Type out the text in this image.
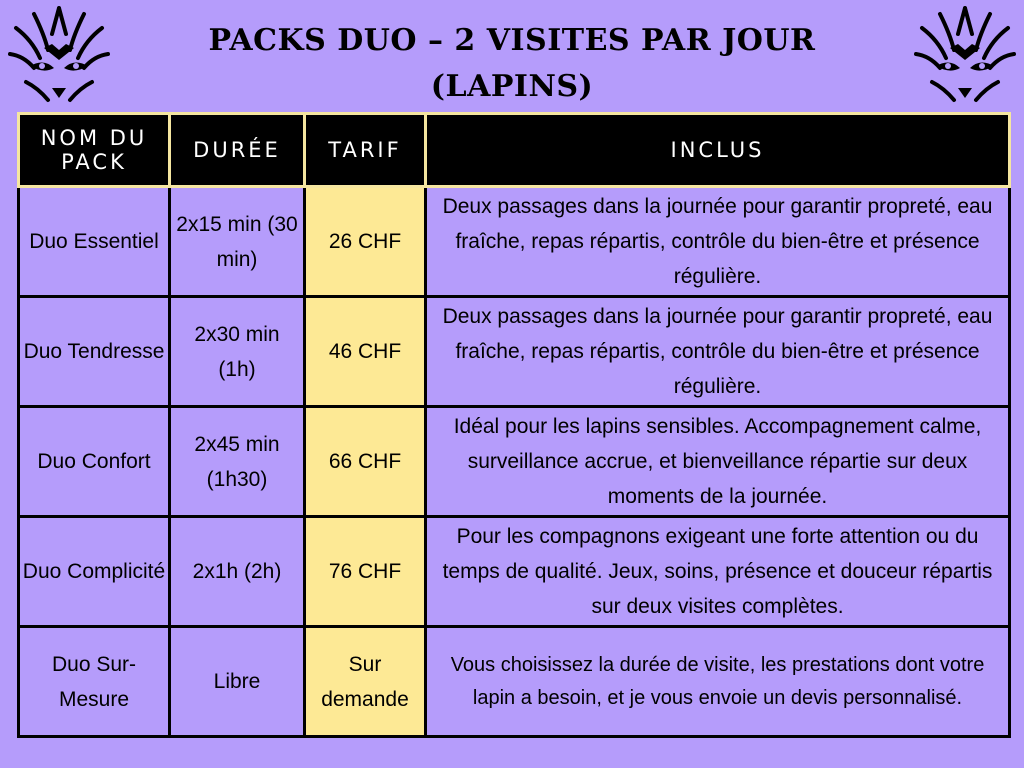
PACKS DUO – 2 VISITES PAR JOUR
(LAPINS)
NOM DU PACK	DURÉE	TARIF	INCLUS
Duo Essentiel	2x15 min (30 min)	26 CHF	Deux passages dans la journée pour garantir propreté, eau fraîche, repas répartis, contrôle du bien-être et présence régulière.
Duo Tendresse	2x30 min (1h)	46 CHF	Deux passages dans la journée pour garantir propreté, eau fraîche, repas répartis, contrôle du bien-être et présence régulière.
Duo Confort	2x45 min (1h30)	66 CHF	Idéal pour les lapins sensibles. Accompagnement calme, surveillance accrue, et bienveillance répartie sur deux moments de la journée.
Duo Complicité	2x1h (2h)	76 CHF	Pour les compagnons exigeant une forte attention ou du temps de qualité. Jeux, soins, présence et douceur répartis sur deux visites complètes.
Duo Sur-Mesure	Libre	Sur demande	Vous choisissez la durée de visite, les prestations dont votre lapin a besoin, et je vous envoie un devis personnalisé.
